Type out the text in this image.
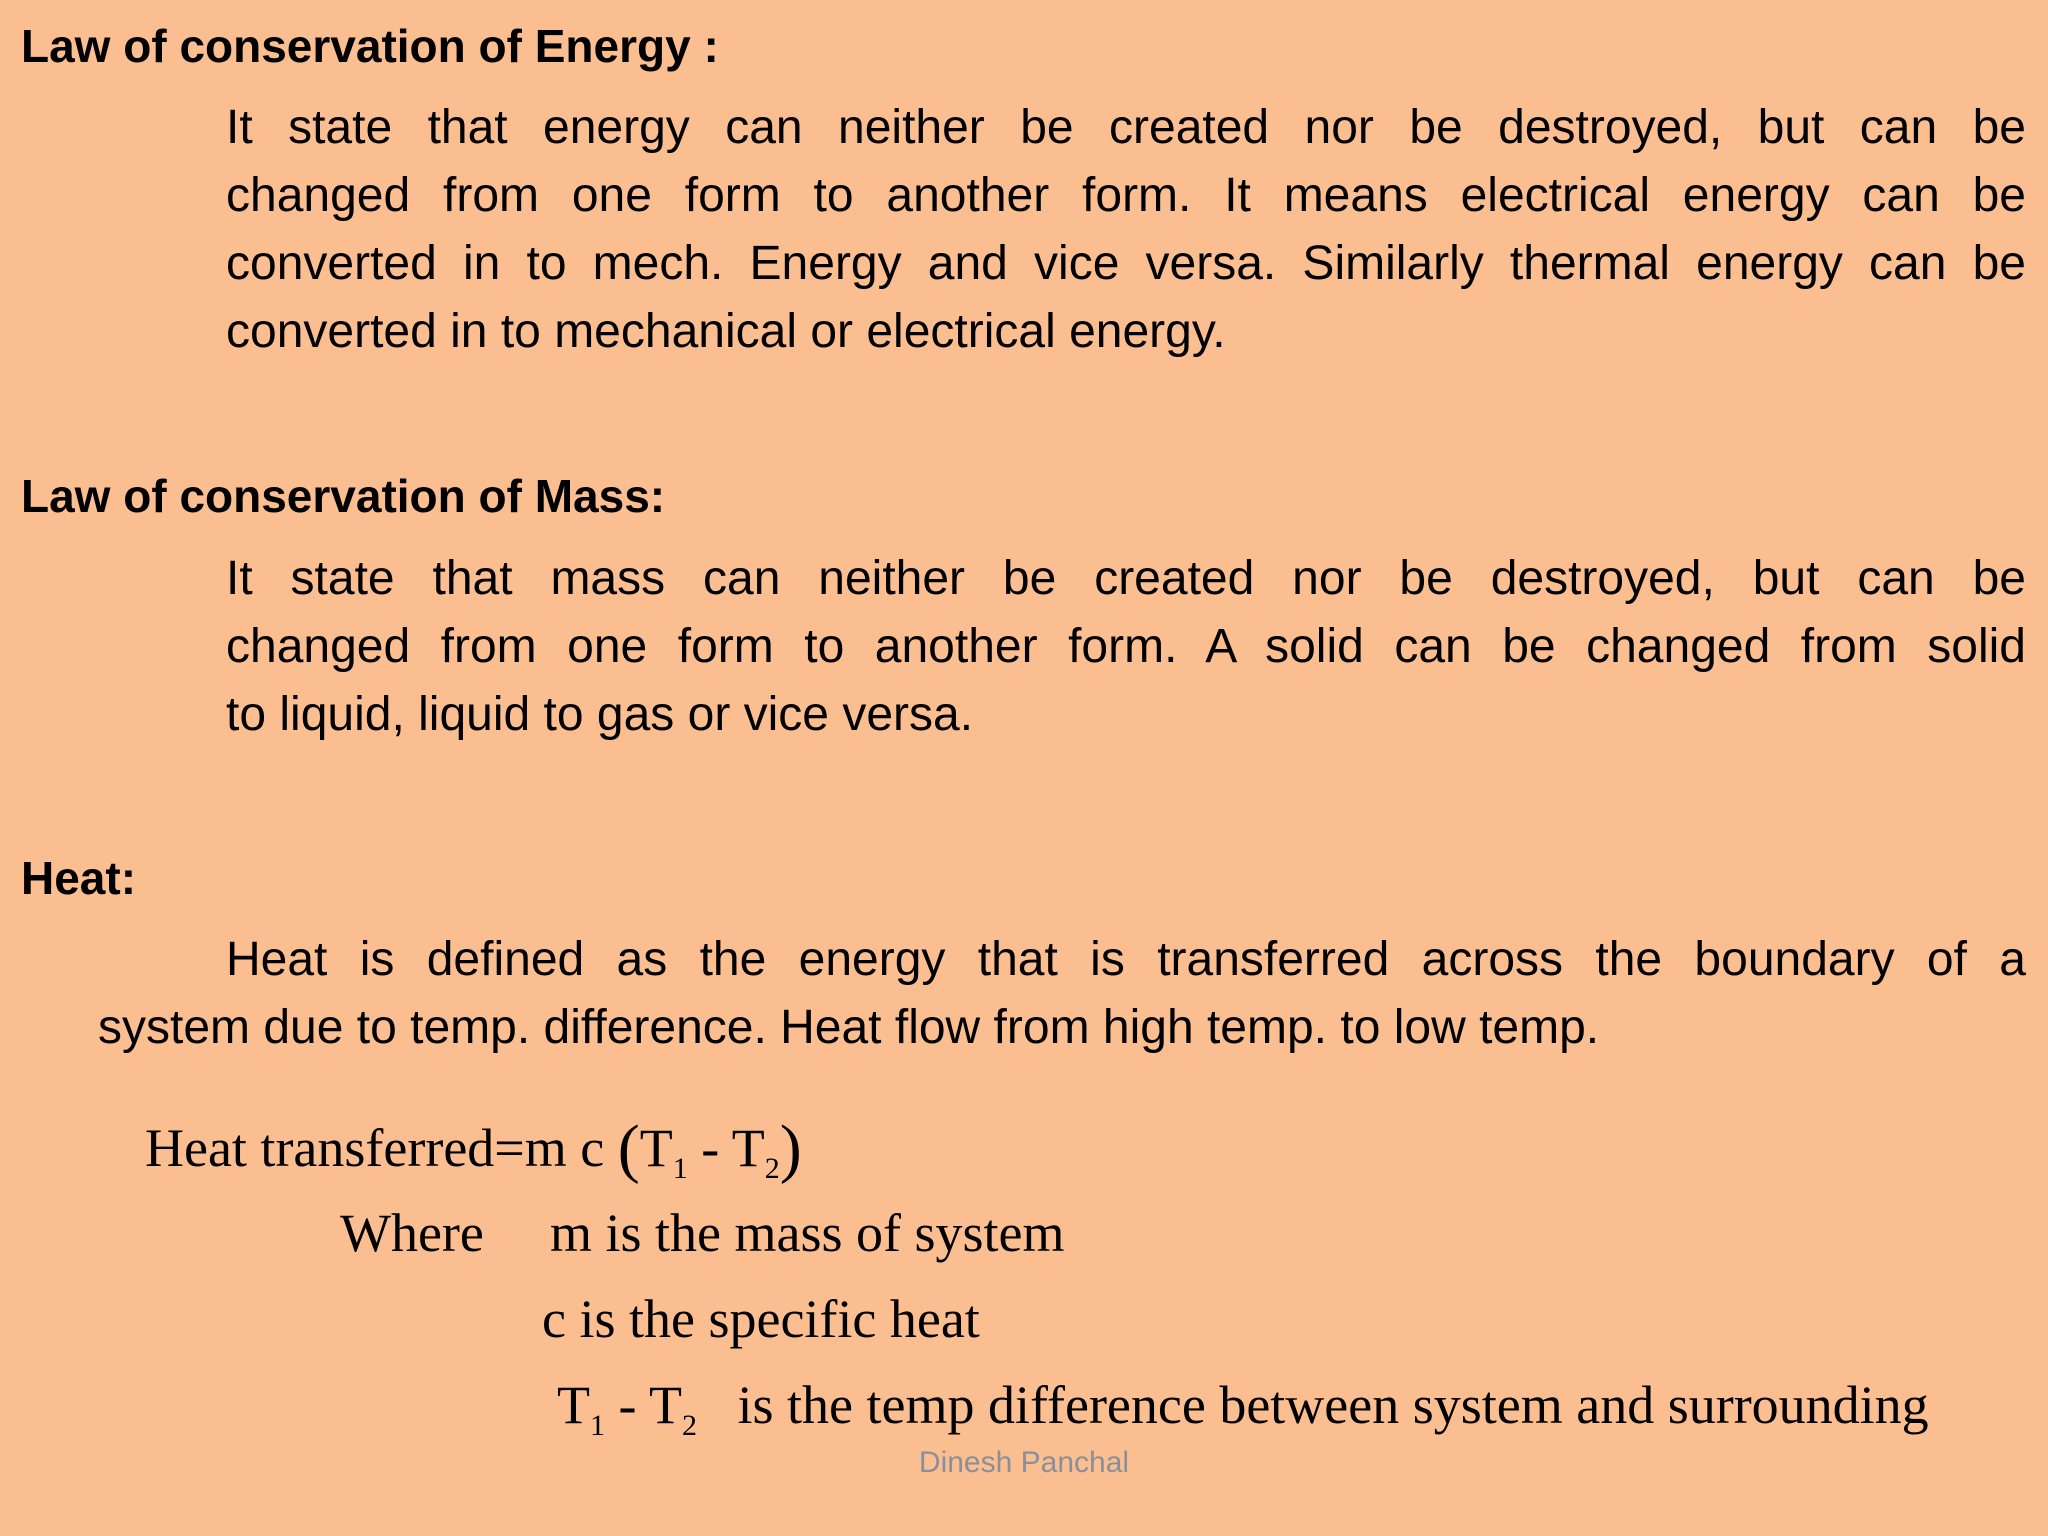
Law of conservation of Energy :
It state that energy can neither be created nor be destroyed, but can be
changed from one form to another form. It means electrical energy can be
converted in to mech. Energy and vice versa. Similarly thermal energy can be
converted in to mechanical or electrical energy.
Law of conservation of Mass:
It state that mass can neither be created nor be destroyed, but can be
changed from one form to another form. A solid can be changed from solid
to liquid, liquid to gas or vice versa.
Heat:
Heat is defined as the energy that is transferred across the boundary of a
system due to temp. difference. Heat flow from high temp. to low temp.
Heat transferred=m c $(T_1 - T_2)$
Where m is the mass of system
c is the specific heat
$T_1 - T_2$ is the temp difference between system and surrounding
Dinesh Panchal
